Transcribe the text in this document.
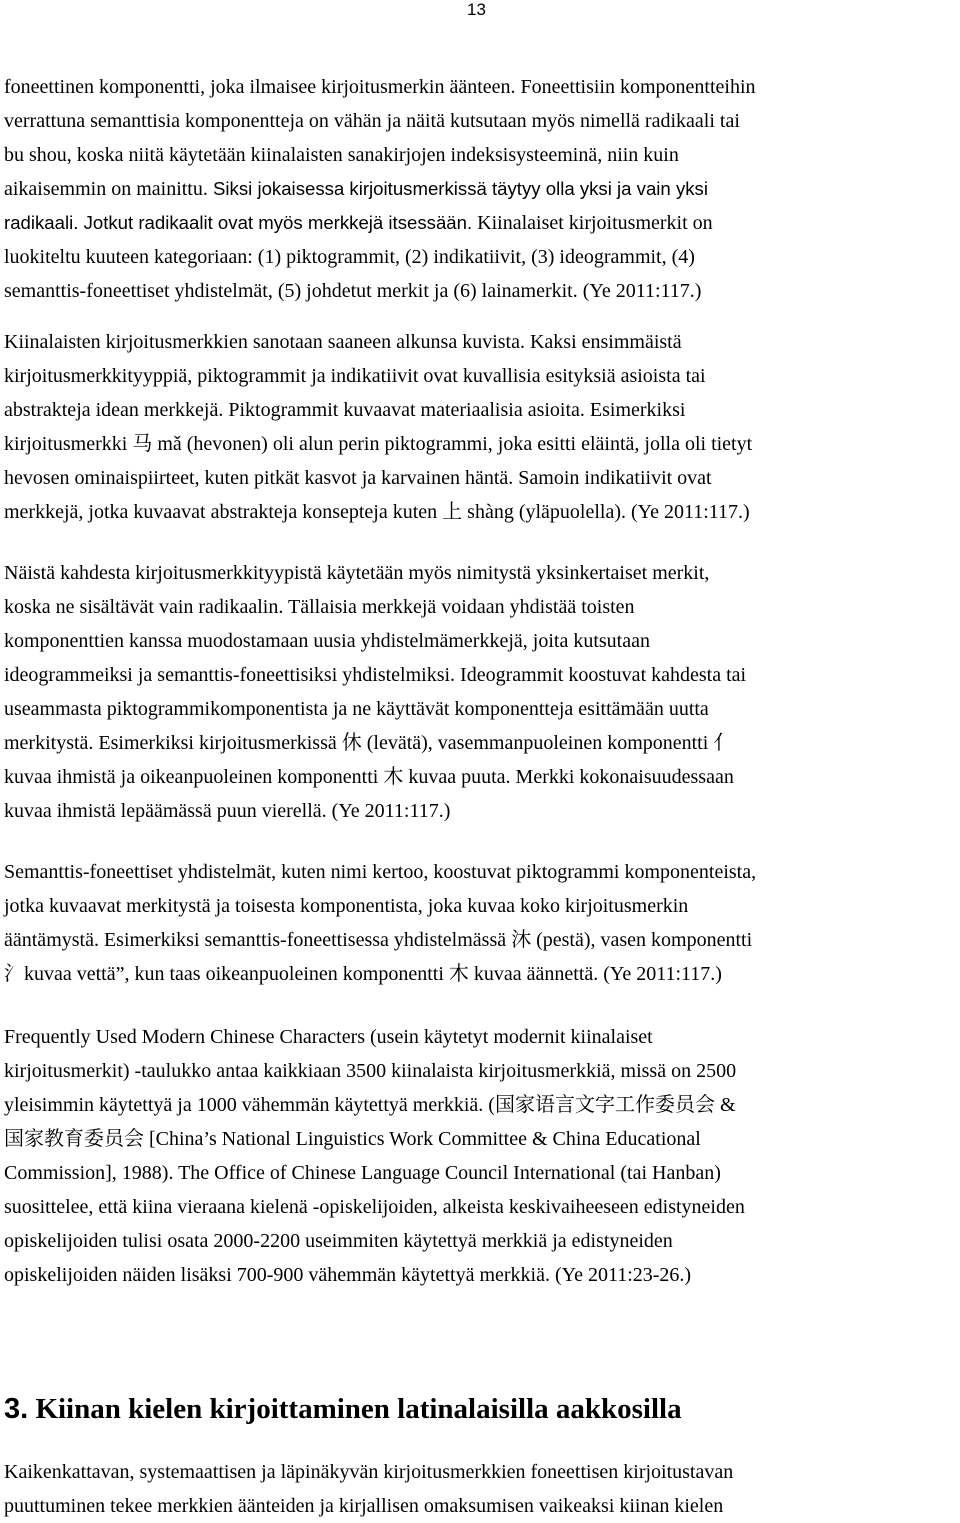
13

foneettinen komponentti, joka ilmaisee kirjoitusmerkin äänteen. Foneettisiin komponentteihin
verrattuna semanttisia komponentteja on vähän ja näitä kutsutaan myös nimellä radikaali tai
bu shou, koska niitä käytetään kiinalaisten sanakirjojen indeksisysteeminä, niin kuin
aikaisemmin on mainittu. Siksi jokaisessa kirjoitusmerkissä täytyy olla yksi ja vain yksi
radikaali. Jotkut radikaalit ovat myös merkkejä itsessään. Kiinalaiset kirjoitusmerkit on
luokiteltu kuuteen kategoriaan: (1) piktogrammit, (2) indikatiivit, (3) ideogrammit, (4)
semanttis-foneettiset yhdistelmät, (5) johdetut merkit ja (6) lainamerkit. (Ye 2011:117.)

Kiinalaisten kirjoitusmerkkien sanotaan saaneen alkunsa kuvista. Kaksi ensimmäistä
kirjoitusmerkkityyppiä, piktogrammit ja indikatiivit ovat kuvallisia esityksiä asioista tai
abstrakteja idean merkkejä. Piktogrammit kuvaavat materiaalisia asioita. Esimerkiksi
kirjoitusmerkki 马 mǎ (hevonen) oli alun perin piktogrammi, joka esitti eläintä, jolla oli tietyt
hevosen ominaispiirteet, kuten pitkät kasvot ja karvainen häntä. Samoin indikatiivit ovat
merkkejä, jotka kuvaavat abstrakteja konsepteja kuten 上 shàng (yläpuolella). (Ye 2011:117.)

Näistä kahdesta kirjoitusmerkkityypistä käytetään myös nimitystä yksinkertaiset merkit,
koska ne sisältävät vain radikaalin. Tällaisia merkkejä voidaan yhdistää toisten
komponenttien kanssa muodostamaan uusia yhdistelmämerkkejä, joita kutsutaan
ideogrammeiksi ja semanttis-foneettisiksi yhdistelmiksi. Ideogrammit koostuvat kahdesta tai
useammasta piktogrammikomponentista ja ne käyttävät komponentteja esittämään uutta
merkitystä. Esimerkiksi kirjoitusmerkissä 休 (levätä), vasemmanpuoleinen komponentti 亻
kuvaa ihmistä ja oikeanpuoleinen komponentti 木 kuvaa puuta. Merkki kokonaisuudessaan
kuvaa ihmistä lepäämässä puun vierellä. (Ye 2011:117.)

Semanttis-foneettiset yhdistelmät, kuten nimi kertoo, koostuvat piktogrammi komponenteista,
jotka kuvaavat merkitystä ja toisesta komponentista, joka kuvaa koko kirjoitusmerkin
ääntämystä. Esimerkiksi semanttis-foneettisessa yhdistelmässä 沐 (pestä), vasen komponentti
氵kuvaa vettä”, kun taas oikeanpuoleinen komponentti 木 kuvaa äännettä. (Ye 2011:117.)

Frequently Used Modern Chinese Characters (usein käytetyt modernit kiinalaiset
kirjoitusmerkit) -taulukko antaa kaikkiaan 3500 kiinalaista kirjoitusmerkkiä, missä on 2500
yleisimmin käytettyä ja 1000 vähemmän käytettyä merkkiä. (国家语言文字工作委员会 &
国家教育委员会 [China’s National Linguistics Work Committee & China Educational
Commission], 1988). The Office of Chinese Language Council International (tai Hanban)
suosittelee, että kiina vieraana kielenä -opiskelijoiden, alkeista keskivaiheeseen edistyneiden
opiskelijoiden tulisi osata 2000-2200 useimmiten käytettyä merkkiä ja edistyneiden
opiskelijoiden näiden lisäksi 700-900 vähemmän käytettyä merkkiä. (Ye 2011:23-26.)

3. Kiinan kielen kirjoittaminen latinalaisilla aakkosilla

Kaikenkattavan, systemaattisen ja läpinäkyvän kirjoitusmerkkien foneettisen kirjoitustavan
puuttuminen tekee merkkien äänteiden ja kirjallisen omaksumisen vaikeaksi kiinan kielen
